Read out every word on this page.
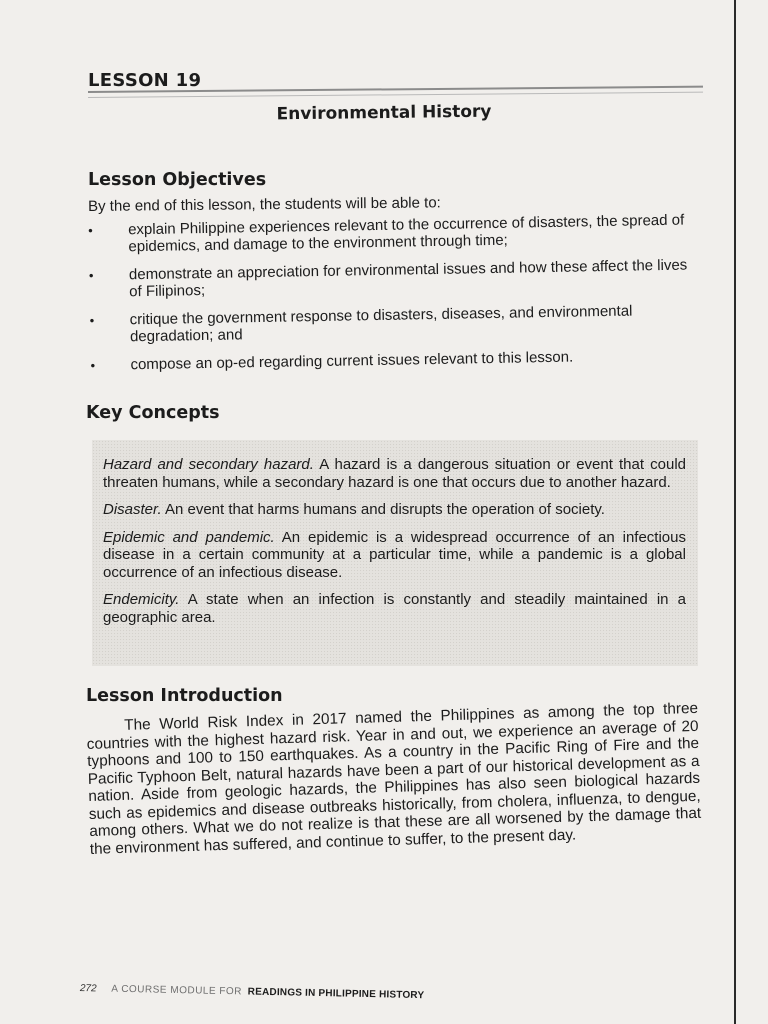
LESSON 19
Environmental History
Lesson Objectives
By the end of this lesson, the students will be able to:
• explain Philippine experiences relevant to the occurrence of disasters, the spread of epidemics, and damage to the environment through time;
• demonstrate an appreciation for environmental issues and how these affect the lives of Filipinos;
• critique the government response to disasters, diseases, and environmental degradation; and
• compose an op-ed regarding current issues relevant to this lesson.
Key Concepts

Hazard and secondary hazard. A hazard is a dangerous situation or event that could threaten humans, while a secondary hazard is one that occurs due to another hazard.

Disaster. An event that harms humans and disrupts the operation of society.

Epidemic and pandemic. An epidemic is a widespread occurrence of an infectious disease in a certain community at a particular time, while a pandemic is a global occurrence of an infectious disease.

Endemicity. A state when an infection is constantly and steadily maintained in a geographic area.

Lesson Introduction

The World Risk Index in 2017 named the Philippines as among the top three countries with the highest hazard risk. Year in and out, we experience an average of 20 typhoons and 100 to 150 earthquakes. As a country in the Pacific Ring of Fire and the Pacific Typhoon Belt, natural hazards have been a part of our historical development as a nation. Aside from geologic hazards, the Philippines has also seen biological hazards such as epidemics and disease outbreaks historically, from cholera, influenza, to dengue, among others. What we do not realize is that these are all worsened by the damage that the environment has suffered, and continue to suffer, to the present day.

272 A COURSE MODULE FOR READINGS IN PHILIPPINE HISTORY
